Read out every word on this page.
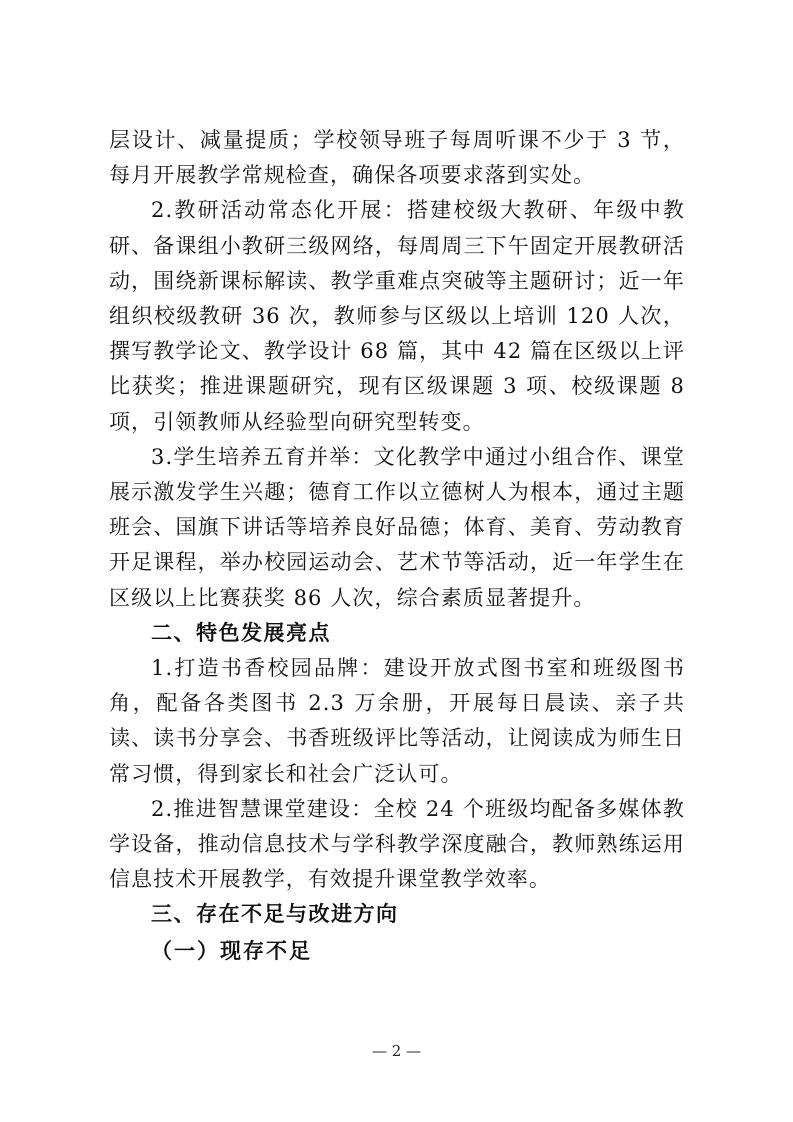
层设计、减量提质；学校领导班子每周听课不少于 3 节，每月开展教学常规检查，确保各项要求落到实处。

2.教研活动常态化开展：搭建校级大教研、年级中教研、备课组小教研三级网络，每周周三下午固定开展教研活动，围绕新课标解读、教学重难点突破等主题研讨；近一年组织校级教研 36 次，教师参与区级以上培训 120 人次，撰写教学论文、教学设计 68 篇，其中 42 篇在区级以上评比获奖；推进课题研究，现有区级课题 3 项、校级课题 8 项，引领教师从经验型向研究型转变。

3.学生培养五育并举：文化教学中通过小组合作、课堂展示激发学生兴趣；德育工作以立德树人为根本，通过主题班会、国旗下讲话等培养良好品德；体育、美育、劳动教育开足课程，举办校园运动会、艺术节等活动，近一年学生在区级以上比赛获奖 86 人次，综合素质显著提升。

二、特色发展亮点

1.打造书香校园品牌：建设开放式图书室和班级图书角，配备各类图书 2.3 万余册，开展每日晨读、亲子共读、读书分享会、书香班级评比等活动，让阅读成为师生日常习惯，得到家长和社会广泛认可。

2.推进智慧课堂建设：全校 24 个班级均配备多媒体教学设备，推动信息技术与学科教学深度融合，教师熟练运用信息技术开展教学，有效提升课堂教学效率。

三、存在不足与改进方向

（一）现存不足

— 2 —
